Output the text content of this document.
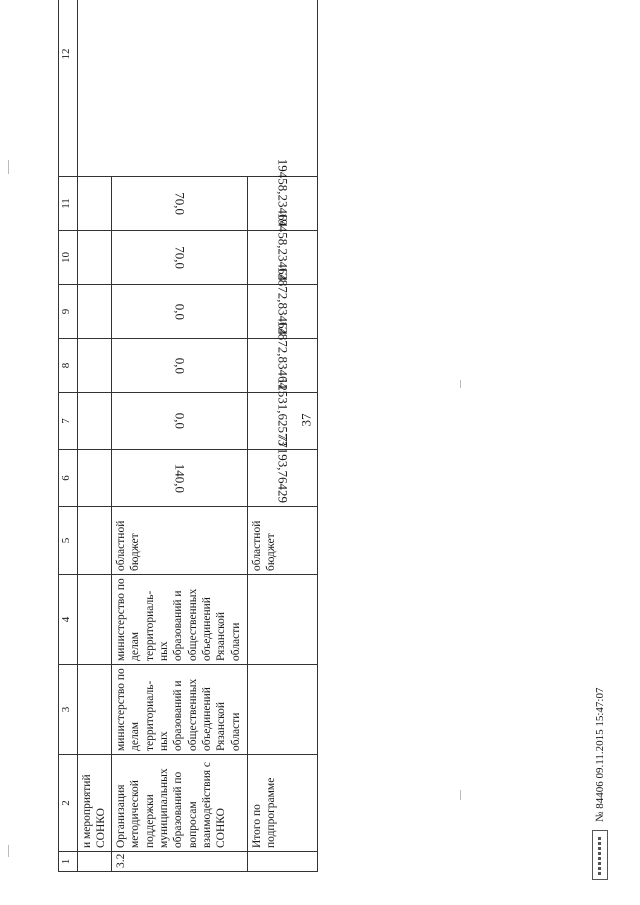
37
1	2	3	4	5	6	7	8	9	10	11	12
	и мероприятий СОНКО										
3.2	Организация методической поддержки муниципальных образований по вопросам взаимодействия с СОНКО	министерство по делам территориаль-ных образований и общественных объединений Рязанской области	министерство по делам территориаль-ных образований и общественных объединений Рязанской области	областной бюджет	140,0	0,0	0,0	0,0	70,0	70,0	
	Итого по подпрограмме			областной бюджет	77193,76429	12531,62573	12872,83464	12872,83464	19458,23464	19458,23464	
№ 84406 09.11.2015 15:47:07
